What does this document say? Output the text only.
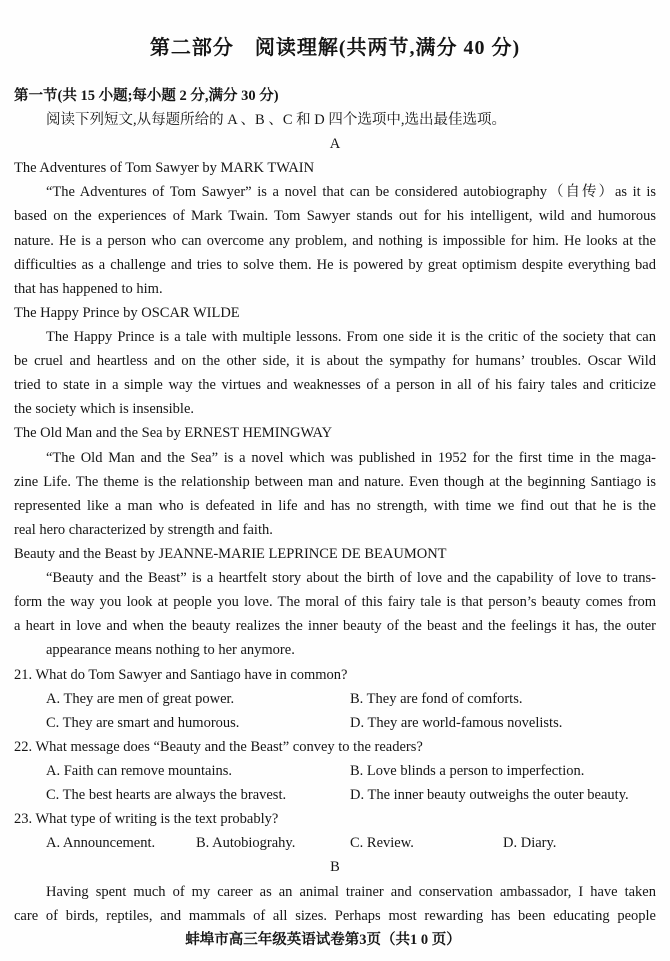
第二部分　阅读理解(共两节,满分 40 分)
第一节(共 15 小题;每小题 2 分,满分 30 分)
阅读下列短文,从每题所给的 A 、B 、C 和 D 四个选项中,选出最佳选项。
A
The Adventures of Tom Sawyer by MARK TWAIN
“The Adventures of Tom Sawyer” is a novel that can be considered autobiography（自传）as it is
based on the experiences of Mark Twain. Tom Sawyer stands out for his intelligent, wild and humorous
nature. He is a person who can overcome any problem, and nothing is impossible for him. He looks at the
difficulties as a challenge and tries to solve them. He is powered by great optimism despite everything bad
that has happened to him.
The Happy Prince by OSCAR WILDE
The Happy Prince is a tale with multiple lessons. From one side it is the critic of the society that can
be cruel and heartless and on the other side, it is about the sympathy for humans’ troubles. Oscar Wild
tried to state in a simple way the virtues and weaknesses of a person in all of his fairy tales and criticize
the society which is insensible.
The Old Man and the Sea by ERNEST HEMINGWAY
“The Old Man and the Sea” is a novel which was published in 1952 for the first time in the maga-
zine Life. The theme is the relationship between man and nature. Even though at the beginning Santiago is
represented like a man who is defeated in life and has no strength, with time we find out that he is the
real hero characterized by strength and faith.
Beauty and the Beast by JEANNE-MARIE LEPRINCE DE BEAUMONT
“Beauty and the Beast” is a heartfelt story about the birth of love and the capability of love to trans-
form the way you look at people you love. The moral of this fairy tale is that person’s beauty comes from
a heart in love and when the beauty realizes the inner beauty of the beast and the feelings it has, the outer
appearance means nothing to her anymore.
21. What do Tom Sawyer and Santiago have in common?
A. They are men of great power.	B. They are fond of comforts.
C. They are smart and humorous.	D. They are world-famous novelists.
22. What message does “Beauty and the Beast” convey to the readers?
A. Faith can remove mountains.	B. Love blinds a person to imperfection.
C. The best hearts are always the bravest.	D. The inner beauty outweighs the outer beauty.
23. What type of writing is the text probably?
A. Announcement.	B. Autobiograhy.	C. Review.	D. Diary.
B
Having spent much of my career as an animal trainer and conservation ambassador, I have taken
care of birds, reptiles, and mammals of all sizes. Perhaps most rewarding has been educating people
蚌埠市高三年级英语试卷第3页（共1 0 页）
